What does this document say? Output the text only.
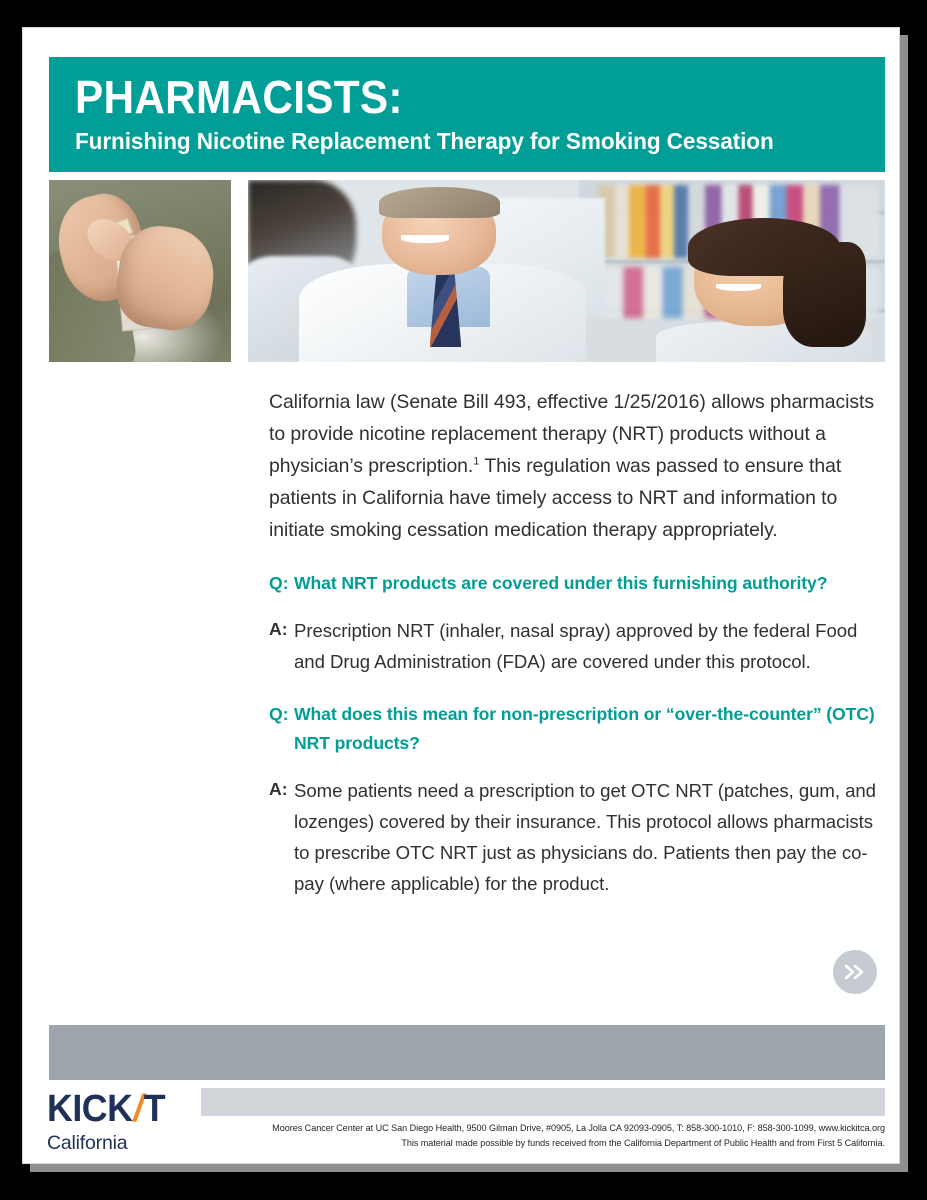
PHARMACISTS:
Furnishing Nicotine Replacement Therapy for Smoking Cessation

California law (Senate Bill 493, effective 1/25/2016) allows pharmacists to provide nicotine replacement therapy (NRT) products without a physician’s prescription.$^1$ This regulation was passed to ensure that patients in California have timely access to NRT and information to initiate smoking cessation medication therapy appropriately.

Q: What NRT products are covered under this furnishing authority?
A: Prescription NRT (inhaler, nasal spray) approved by the federal Food and Drug Administration (FDA) are covered under this protocol.
Q: What does this mean for non-prescription or “over-the-counter” (OTC) NRT products?
A: Some patients need a prescription to get OTC NRT (patches, gum, and lozenges) covered by their insurance. This protocol allows pharmacists to prescribe OTC NRT just as physicians do. Patients then pay the co-pay (where applicable) for the product.
KICK/T
California
Moores Cancer Center at UC San Diego Health, 9500 Gilman Drive, #0905, La Jolla CA 92093-0905, T: 858-300-1010, F: 858-300-1099, www.kickitca.org
This material made possible by funds received from the California Department of Public Health and from First 5 California.
